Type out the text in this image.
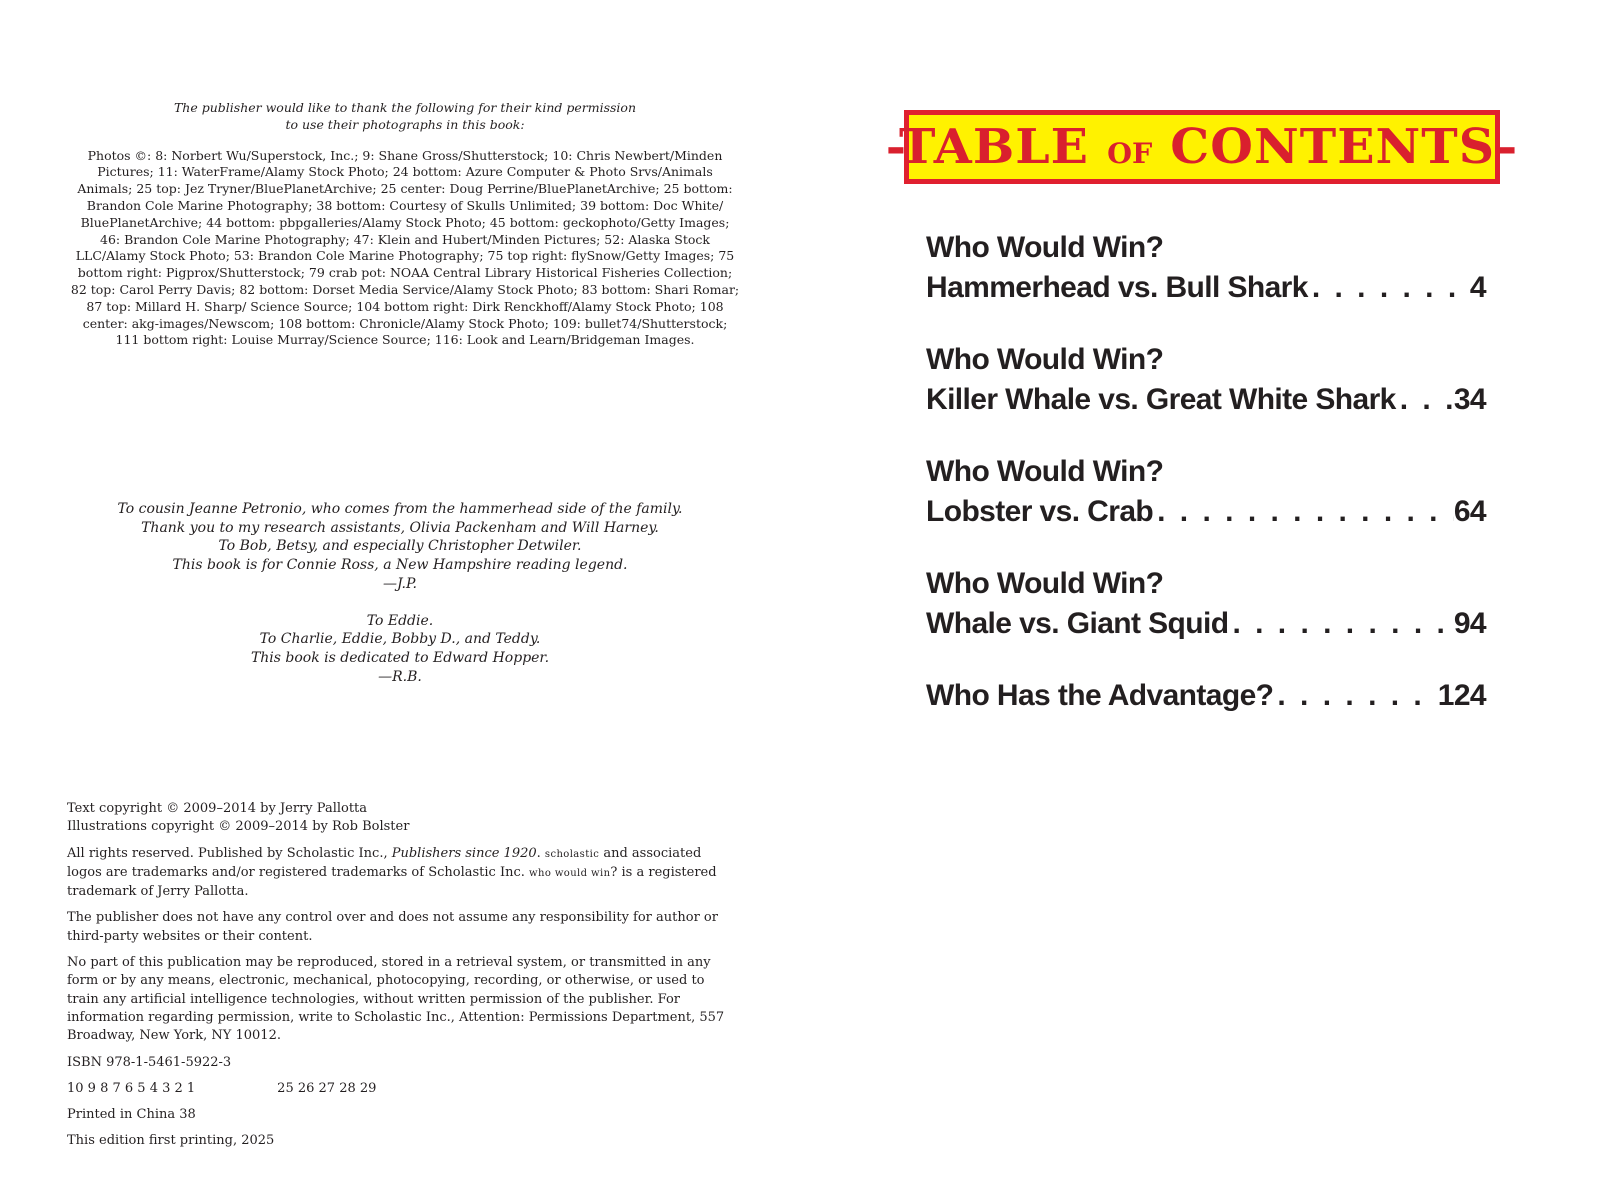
The publisher would like to thank the following for their kind permission
to use their photographs in this book:

Photos ©: 8: Norbert Wu/Superstock, Inc.; 9: Shane Gross/Shutterstock; 10: Chris Newbert/Minden Pictures; 11: WaterFrame/Alamy Stock Photo; 24 bottom: Azure Computer & Photo Srvs/Animals Animals; 25 top: Jez Tryner/BluePlanetArchive; 25 center: Doug Perrine/BluePlanetArchive; 25 bottom: Brandon Cole Marine Photography; 38 bottom: Courtesy of Skulls Unlimited; 39 bottom: Doc White/ BluePlanetArchive; 44 bottom: pbpgalleries/Alamy Stock Photo; 45 bottom: geckophoto/Getty Images; 46: Brandon Cole Marine Photography; 47: Klein and Hubert/Minden Pictures; 52: Alaska Stock LLC/Alamy Stock Photo; 53: Brandon Cole Marine Photography; 75 top right: flySnow/Getty Images; 75 bottom right: Pigprox/Shutterstock; 79 crab pot: NOAA Central Library Historical Fisheries Collection; 82 top: Carol Perry Davis; 82 bottom: Dorset Media Service/Alamy Stock Photo; 83 bottom: Shari Romar; 87 top: Millard H. Sharp/ Science Source; 104 bottom right: Dirk Renckhoff/Alamy Stock Photo; 108 center: akg-images/Newscom; 108 bottom: Chronicle/Alamy Stock Photo; 109: bullet74/Shutterstock; 111 bottom right: Louise Murray/Science Source; 116: Look and Learn/Bridgeman Images.

To cousin Jeanne Petronio, who comes from the hammerhead side of the family.
Thank you to my research assistants, Olivia Packenham and Will Harney.
To Bob, Betsy, and especially Christopher Detwiler.
This book is for Connie Ross, a New Hampshire reading legend.
—J.P.
To Eddie.
To Charlie, Eddie, Bobby D., and Teddy.
This book is dedicated to Edward Hopper.
—R.B.

Text copyright © 2009–2014 by Jerry Pallotta
Illustrations copyright © 2009–2014 by Rob Bolster

All rights reserved. Published by Scholastic Inc., Publishers since 1920. scholastic and associated logos are trademarks and/or registered trademarks of Scholastic Inc. who would win? is a registered trademark of Jerry Pallotta.

The publisher does not have any control over and does not assume any responsibility for author or third-party websites or their content.

No part of this publication may be reproduced, stored in a retrieval system, or transmitted in any form or by any means, electronic, mechanical, photocopying, recording, or otherwise, or used to train any artificial intelligence technologies, without written permission of the publisher. For information regarding permission, write to Scholastic Inc., Attention: Permissions Department, 557 Broadway, New York, NY 10012.

ISBN 978-1-5461-5922-3

10 9 8 7 6 5 4 3 2 1	25 26 27 28 29

Printed in China 38

This edition first printing, 2025

-TABLE OF CONTENTS-
Who Would Win?
Hammerhead vs. Bull Shark . . .	4
Who Would Win?
Killer Whale vs. Great White Shark . . . 34
Who Would Win?
Lobster vs. Crab . . .	64
Who Would Win?
Whale vs. Giant Squid . . .	94
Who Has the Advantage? . . .	124
